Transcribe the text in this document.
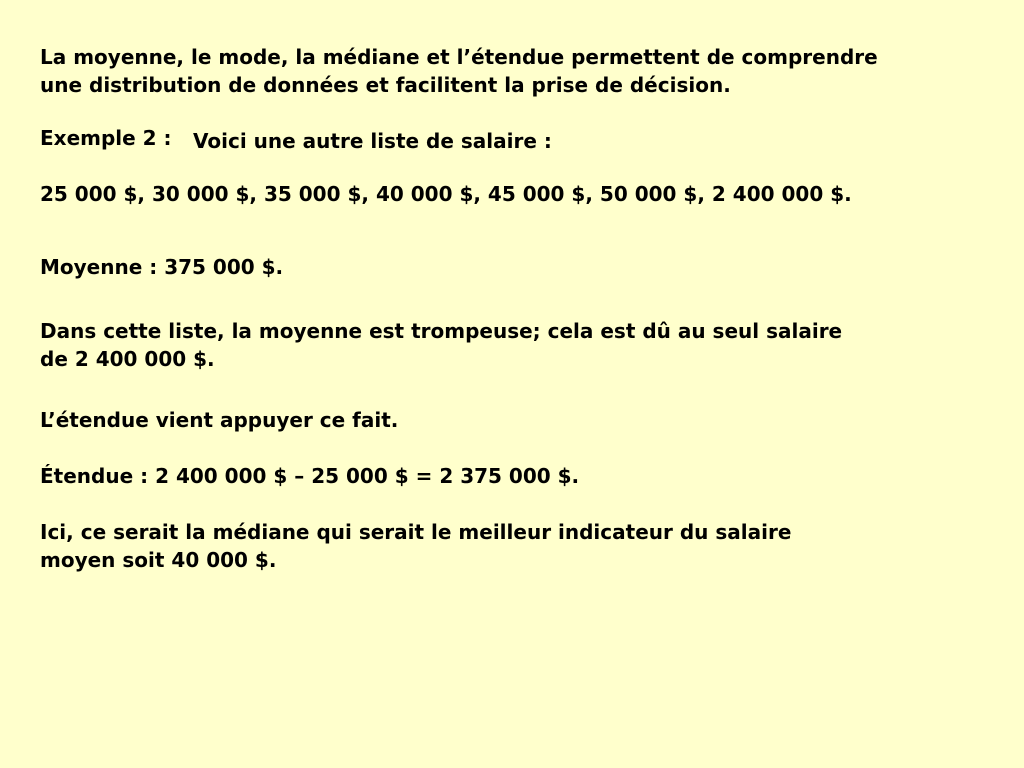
La moyenne, le mode, la médiane et l’étendue permettent de comprendre

une distribution de données et facilitent la prise de décision.

Exemple 2 : Voici une autre liste de salaire :

25 000 $, 30 000 $, 35 000 $, 40 000 $, 45 000 $, 50 000 $, 2 400 000 $.

Moyenne : 375 000 $.

Dans cette liste, la moyenne est trompeuse; cela est dû au seul salaire

de 2 400 000 $.

L’étendue vient appuyer ce fait.

Étendue : 2 400 000 $ – 25 000 $ = 2 375 000 $.

Ici, ce serait la médiane qui serait le meilleur indicateur du salaire

moyen soit 40 000 $.
